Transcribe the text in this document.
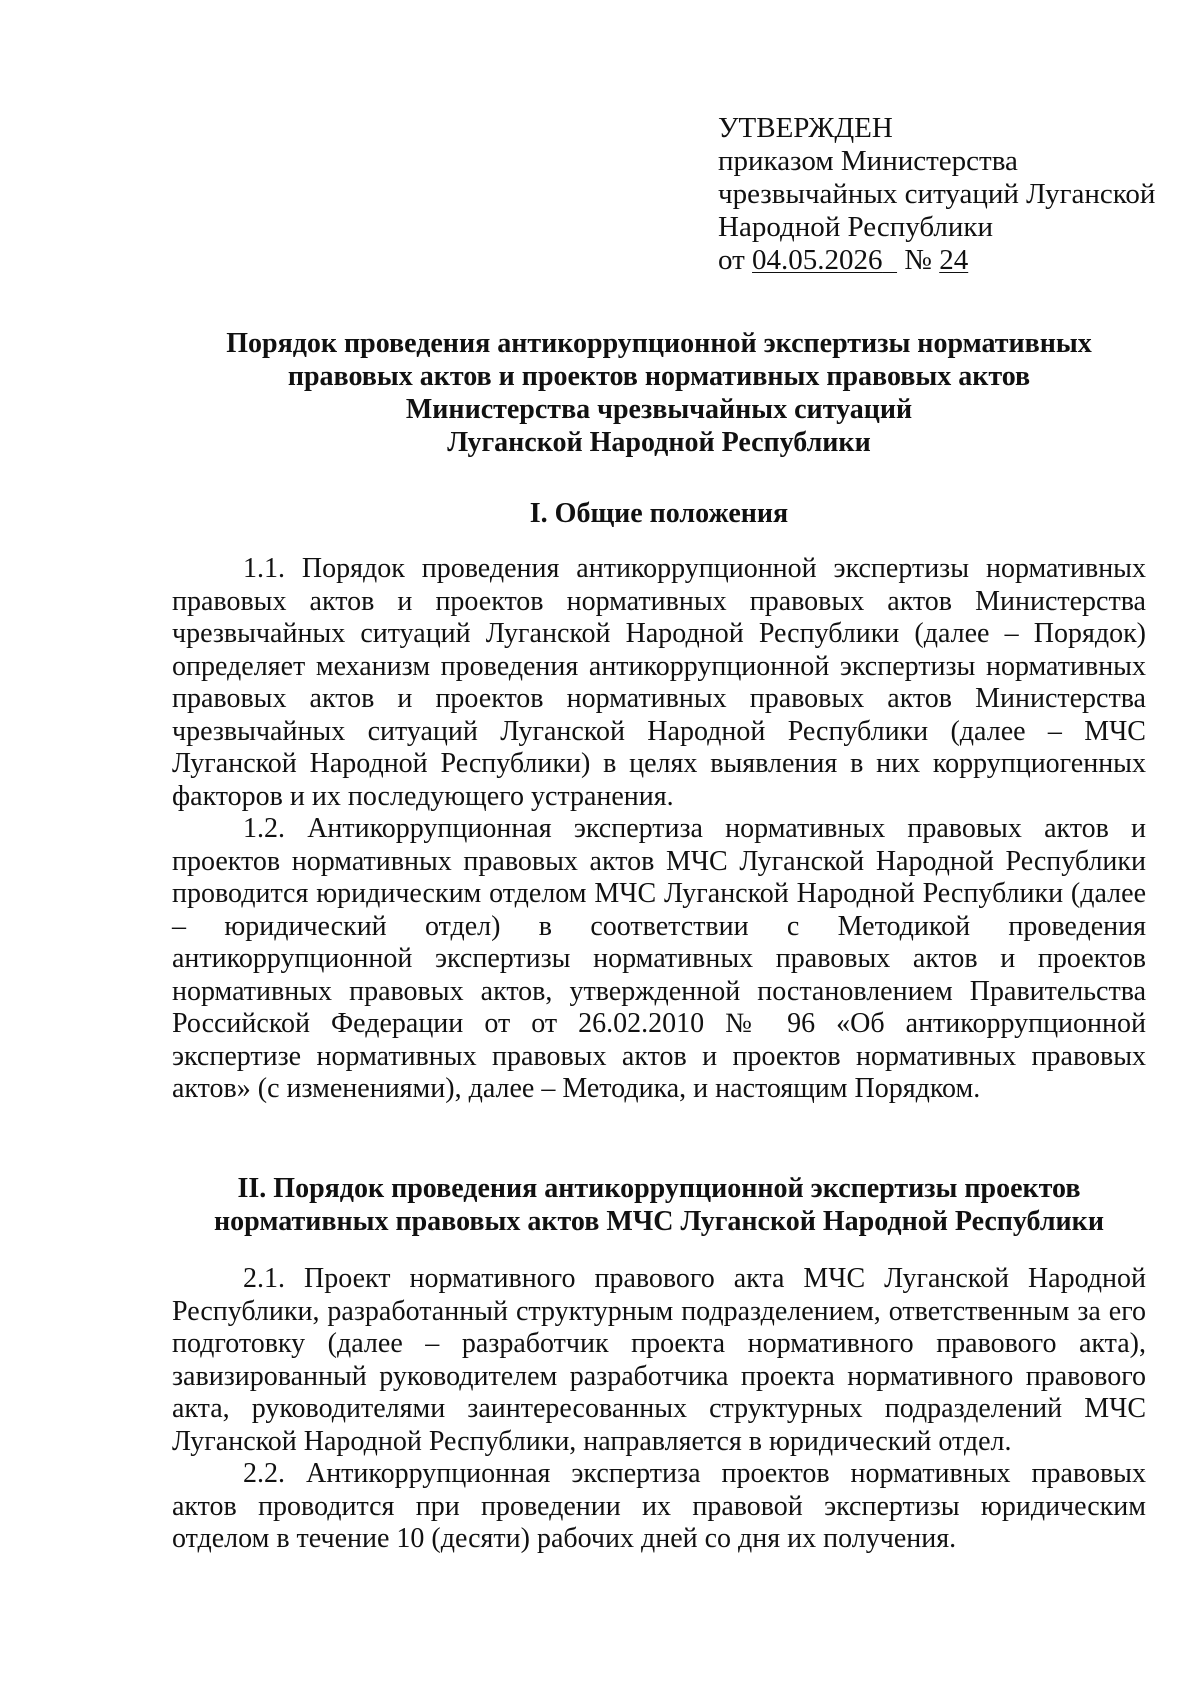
УТВЕРЖДЕН
приказом Министерства
чрезвычайных ситуаций Луганской
Народной Республики
от 04.05.2026 № 24
Порядок проведения антикоррупционной экспертизы нормативных
правовых актов и проектов нормативных правовых актов
Министерства чрезвычайных ситуаций
Луганской Народной Республики
I. Общие положения

1.1. Порядок проведения антикоррупционной экспертизы нормативных правовых актов и проектов нормативных правовых актов Министерства чрезвычайных ситуаций Луганской Народной Республики (далее – Порядок) определяет механизм проведения антикоррупционной экспертизы нормативных правовых актов и проектов нормативных правовых актов Министерства чрезвычайных ситуаций Луганской Народной Республики (далее – МЧС Луганской Народной Республики) в целях выявления в них коррупциогенных факторов и их последующего устранения.

1.2. Антикоррупционная экспертиза нормативных правовых актов и проектов нормативных правовых актов МЧС Луганской Народной Республики проводится юридическим отделом МЧС Луганской Народной Республики (далее – юридический отдел) в соответствии с Методикой проведения антикоррупционной экспертизы нормативных правовых актов и проектов нормативных правовых актов, утвержденной постановлением Правительства Российской Федерации от от 26.02.2010 № 96 «Об антикоррупционной экспертизе нормативных правовых актов и проектов нормативных правовых актов» (с изменениями), далее – Методика, и настоящим Порядком.

II. Порядок проведения антикоррупционной экспертизы проектов
нормативных правовых актов МЧС Луганской Народной Республики

2.1. Проект нормативного правового акта МЧС Луганской Народной Республики, разработанный структурным подразделением, ответственным за его подготовку (далее – разработчик проекта нормативного правового акта), завизированный руководителем разработчика проекта нормативного правового акта, руководителями заинтересованных структурных подразделений МЧС Луганской Народной Республики, направляется в юридический отдел.

2.2. Антикоррупционная экспертиза проектов нормативных правовых актов проводится при проведении их правовой экспертизы юридическим отделом в течение 10 (десяти) рабочих дней со дня их получения.
